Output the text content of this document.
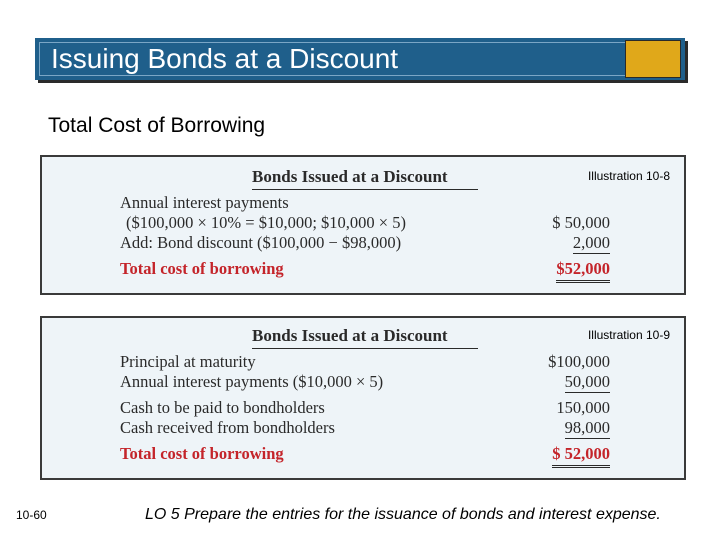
Issuing Bonds at a Discount
Total Cost of Borrowing
Bonds Issued at a Discount	Illustration 10-8
Annual interest payments
($100,000 × 10% = $10,000; $10,000 × 5)	$ 50,000
Add: Bond discount ($100,000 − $98,000)	2,000
Total cost of borrowing	$52,000
Bonds Issued at a Discount	Illustration 10-9
Principal at maturity	$100,000
Annual interest payments ($10,000 × 5)	50,000
Cash to be paid to bondholders	150,000
Cash received from bondholders	98,000
Total cost of borrowing	$ 52,000
10-60	LO 5 Prepare the entries for the issuance of bonds and interest expense.
